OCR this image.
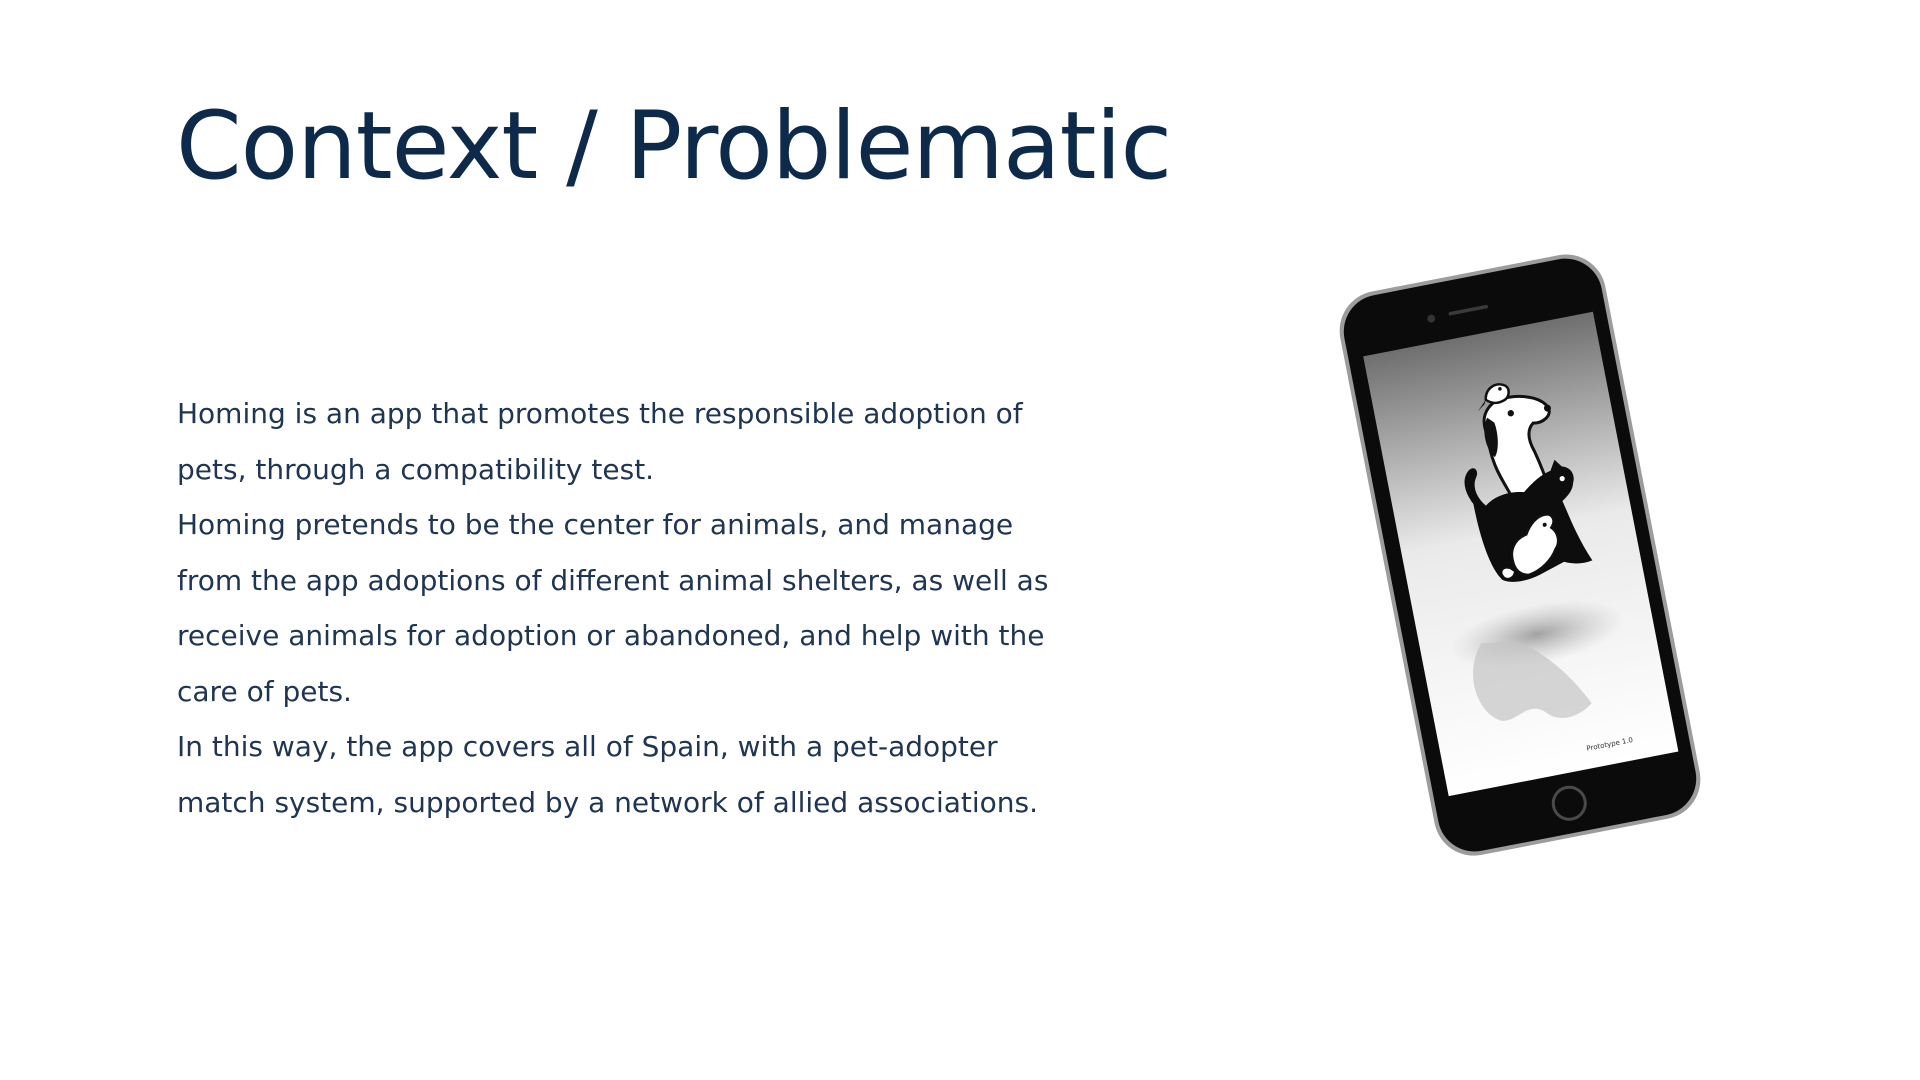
Context / Problematic

Homing is an app that promotes the responsible adoption of pets, through a compatibility test.

Homing pretends to be the center for animals, and manage from the app adoptions of different animal shelters, as well as receive animals for adoption or abandoned, and help with the care of pets.

In this way, the app covers all of Spain, with a pet-adopter match system, supported by a network of allied associations.

Prototype 1.0
